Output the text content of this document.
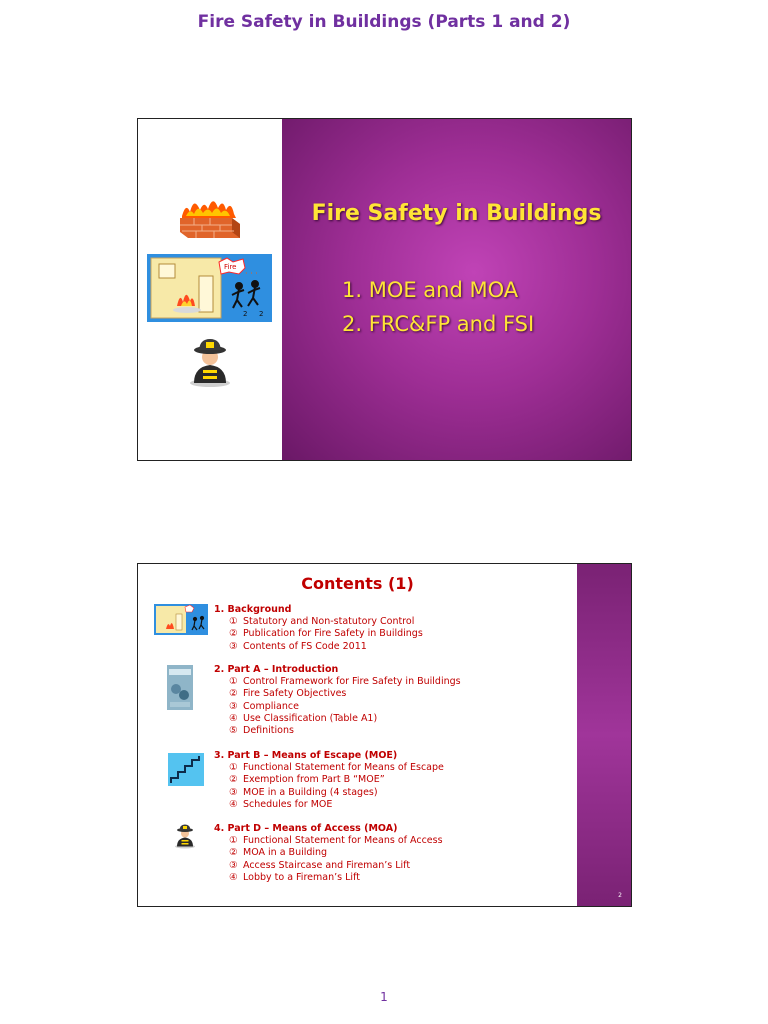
Fire Safety in Buildings (Parts 1 and 2)
Fire
· · ·
2 2
Fire Safety in Buildings
1. MOE and MOA
2. FRC&FP and FSI
Contents (1)
2
1. Background
① Statutory and Non-statutory Control
② Publication for Fire Safety in Buildings
③ Contents of FS Code 2011
2. Part A – Introduction
① Control Framework for Fire Safety in Buildings
② Fire Safety Objectives
③ Compliance
④ Use Classification (Table A1)
⑤ Definitions
3. Part B – Means of Escape (MOE)
① Functional Statement for Means of Escape
② Exemption from Part B “MOE”
③ MOE in a Building (4 stages)
④ Schedules for MOE
4. Part D – Means of Access (MOA)
① Functional Statement for Means of Access
② MOA in a Building
③ Access Staircase and Fireman’s Lift
④ Lobby to a Fireman’s Lift
1
